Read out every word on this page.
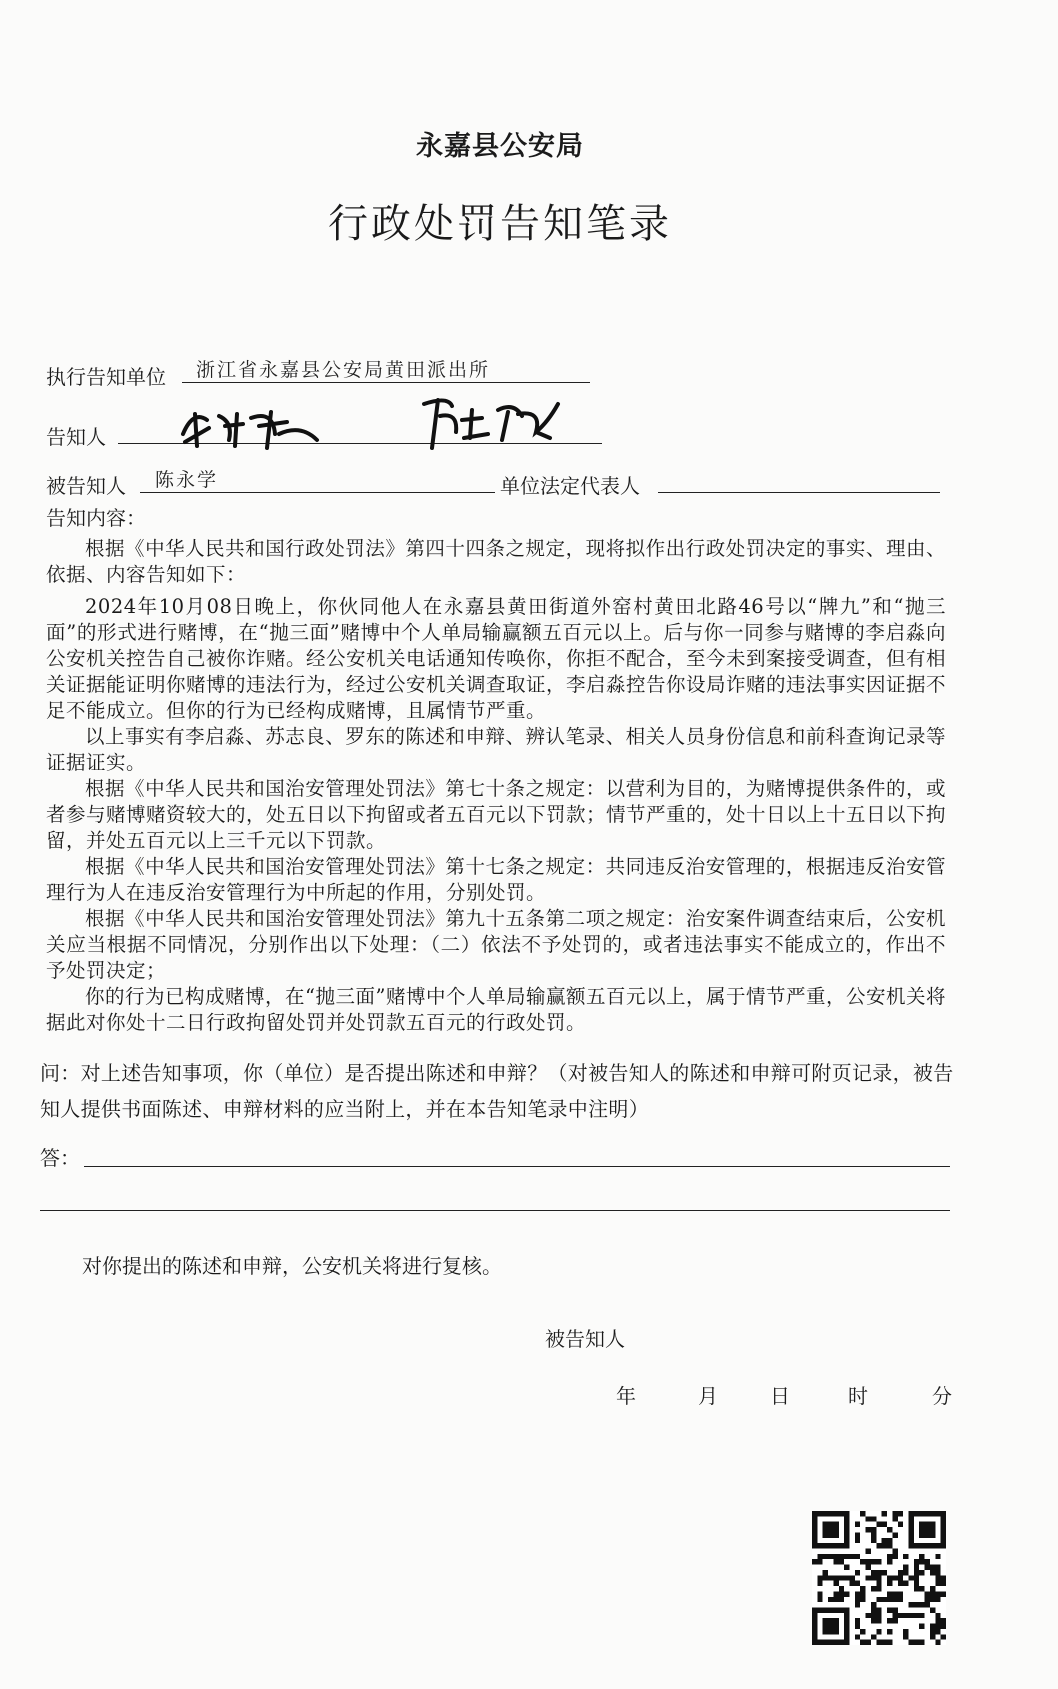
永嘉县公安局
行政处罚告知笔录
执行告知单位 浙江省永嘉县公安局黄田派出所
告知人
被告知人 陈永学	单位法定代表人
告知内容：

根据《中华人民共和国行政处罚法》第四十四条之规定，现将拟作出行政处罚决定的事实、理由、依据、内容告知如下：

2024年10月08日晚上，你伙同他人在永嘉县黄田街道外窑村黄田北路46号以“牌九”和“抛三面”的形式进行赌博，在“抛三面”赌博中个人单局输赢额五百元以上。后与你一同参与赌博的李启淼向公安机关控告自己被你诈赌。经公安机关电话通知传唤你，你拒不配合，至今未到案接受调查，但有相关证据能证明你赌博的违法行为，经过公安机关调查取证，李启淼控告你设局诈赌的违法事实因证据不足不能成立。但你的行为已经构成赌博，且属情节严重。

以上事实有李启淼、苏志良、罗东的陈述和申辩、辨认笔录、相关人员身份信息和前科查询记录等证据证实。

根据《中华人民共和国治安管理处罚法》第七十条之规定：以营利为目的，为赌博提供条件的，或者参与赌博赌资较大的，处五日以下拘留或者五百元以下罚款；情节严重的，处十日以上十五日以下拘留，并处五百元以上三千元以下罚款。

根据《中华人民共和国治安管理处罚法》第十七条之规定：共同违反治安管理的，根据违反治安管理行为人在违反治安管理行为中所起的作用，分别处罚。

根据《中华人民共和国治安管理处罚法》第九十五条第二项之规定：治安案件调查结束后，公安机关应当根据不同情况，分别作出以下处理：（二）依法不予处罚的，或者违法事实不能成立的，作出不予处罚决定；

你的行为已构成赌博，在“抛三面”赌博中个人单局输赢额五百元以上，属于情节严重，公安机关将据此对你处十二日行政拘留处罚并处罚款五百元的行政处罚。

问：对上述告知事项，你（单位）是否提出陈述和申辩？（对被告知人的陈述和申辩可附页记录，被告知人提供书面陈述、申辩材料的应当附上，并在本告知笔录中注明）
答：
对你提出的陈述和申辩，公安机关将进行复核。
被告知人
年	月	日	时	分
